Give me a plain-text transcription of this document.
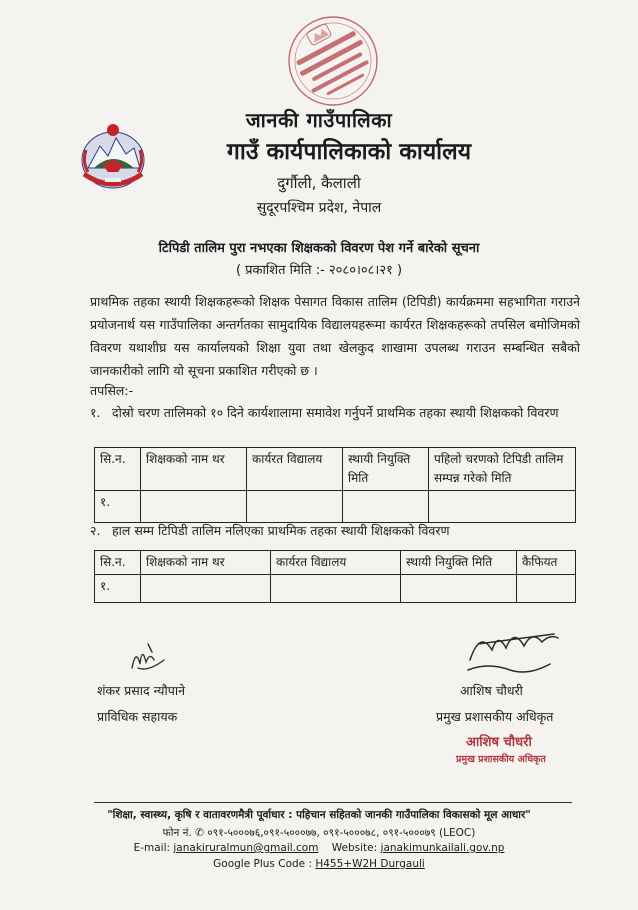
जानकी गाउँपालिका
गाउँ कार्यपालिकाको कार्यालय
दुर्गौली, कैलाली
सुदूरपश्चिम प्रदेश, नेपाल
टिपिडी तालिम पुरा नभएका शिक्षकको विवरण पेश गर्ने बारेको सूचना
( प्रकाशित मिति :- २०८०।०८।२१ )
प्राथमिक तहका स्थायी शिक्षकहरूको शिक्षक पेसागत विकास तालिम (टिपिडी) कार्यक्रममा सहभागिता गराउने प्रयोजनार्थ यस गाउँपालिका अन्तर्गतका सामुदायिक विद्यालयहरूमा कार्यरत शिक्षकहरूको तपसिल बमोजिमको विवरण यथाशीघ्र यस कार्यालयको शिक्षा युवा तथा खेलकुद शाखामा उपलब्ध गराउन सम्बन्धित सबैको जानकारीको लागि यो सूचना प्रकाशित गरीएको छ ।
तपसिल:-
१. दोस्रो चरण तालिमको १० दिने कार्यशालामा समावेश गर्नुपर्ने प्राथमिक तहका स्थायी शिक्षकको विवरण
सि.न.	शिक्षकको नाम थर	कार्यरत विद्यालय	स्थायी नियुक्ति मिति	पहिलो चरणको टिपिडी तालिम सम्पन्न गरेको मिति
१.				
२. हाल सम्म टिपिडी तालिम नलिएका प्राथमिक तहका स्थायी शिक्षकको विवरण
सि.न.	शिक्षकको नाम थर	कार्यरत विद्यालय	स्थायी नियुक्ति मिति	कैफियत
१.				
शंकर प्रसाद न्यौपाने
प्राविधिक सहायक
आशिष चौधरी
प्रमुख प्रशासकीय अधिकृत
आशिष चौधरी
प्रमुख प्रशासकीय अधिकृत
"शिक्षा, स्वास्थ्य, कृषि र वातावरणमैत्री पूर्वाधार : पहिचान सहितको जानकी गाउँपालिका विकासको मूल आधार"
फोन नं. ✆ ०९१-५०००७६,०९१-५०००७७, ०९१-५०००७८, ०९१-५०००७९ (LEOC)
E-mail: janakiruralmun@gmail.com Website: janakimunkailali.gov.np
Google Plus Code : H455+W2H Durgauli
